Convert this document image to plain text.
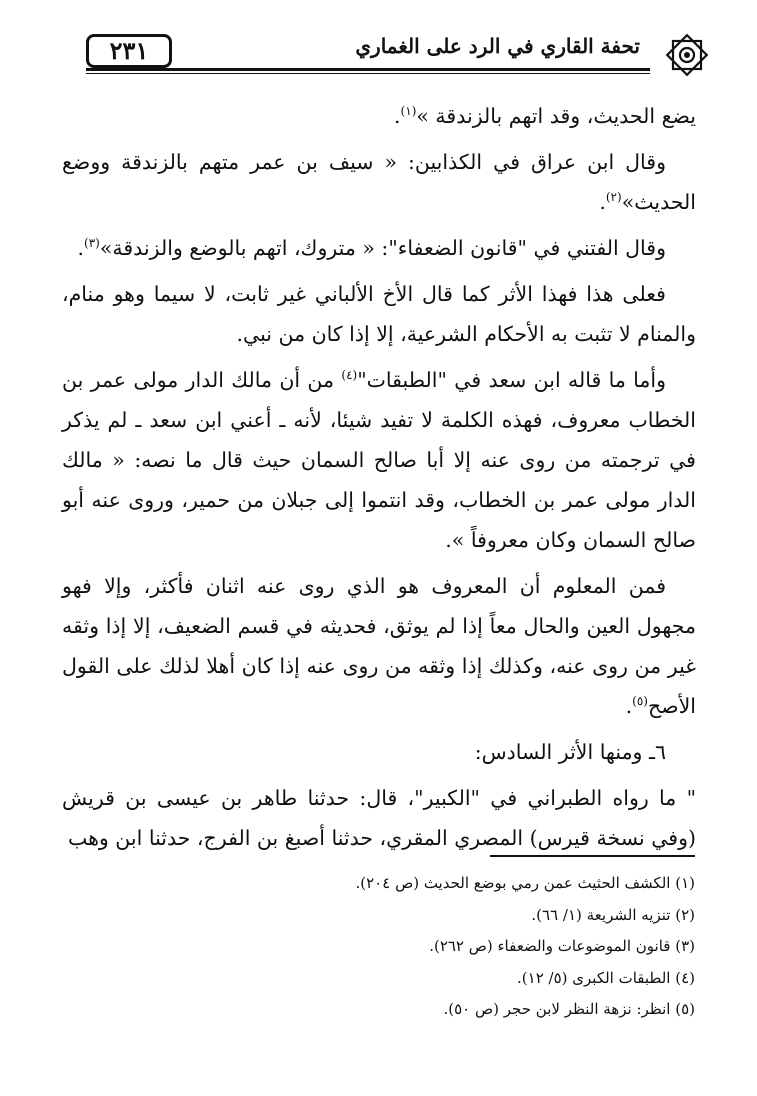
تحفة القاري في الرد على الغماري
٢٣١

يضع الحديث، وقد اتهم بالزندقة »$^{(١)}$.

وقال ابن عراق في الكذابين: « سيف بن عمر متهم بالزندقة ووضع الحديث»$^{(٢)}$.

وقال الفتني في "قانون الضعفاء": « متروك، اتهم بالوضع والزندقة»$^{(٣)}$.

فعلى هذا فهذا الأثر كما قال الأخ الألباني غير ثابت، لا سيما وهو منام، والمنام لا تثبت به الأحكام الشرعية، إلا إذا كان من نبي.

وأما ما قاله ابن سعد في "الطبقات"$^{(٤)}$ من أن مالك الدار مولى عمر بن الخطاب معروف، فهذه الكلمة لا تفيد شيئا، لأنه ـ أعني ابن سعد ـ لم يذكر في ترجمته من روى عنه إلا أبا صالح السمان حيث قال ما نصه: « مالك الدار مولى عمر بن الخطاب، وقد انتموا إلى جبلان من حمير، وروى عنه أبو صالح السمان وكان معروفاً ».

فمن المعلوم أن المعروف هو الذي روى عنه اثنان فأكثر، وإلا فهو مجهول العين والحال معاً إذا لم يوثق، فحديثه في قسم الضعيف، إلا إذا وثقه غير من روى عنه، وكذلك إذا وثقه من روى عنه إذا كان أهلا لذلك على القول الأصح$^{(٥)}$.

٦ـ ومنها الأثر السادس:

" ما رواه الطبراني في "الكبير"، قال: حدثنا طاهر بن عيسى بن قريش (وفي نسخة قيرس) المصري المقري، حدثنا أصبغ بن الفرج، حدثنا ابن وهب

(١) الكشف الحثيث عمن رمي بوضع الحديث (ص ٢٠٤).

(٢) تنزيه الشريعة (١/ ٦٦).

(٣) قانون الموضوعات والضعفاء (ص ٢٦٢).

(٤) الطبقات الكبرى (٥/ ١٢).

(٥) انظر: نزهة النظر لابن حجر (ص ٥٠).
